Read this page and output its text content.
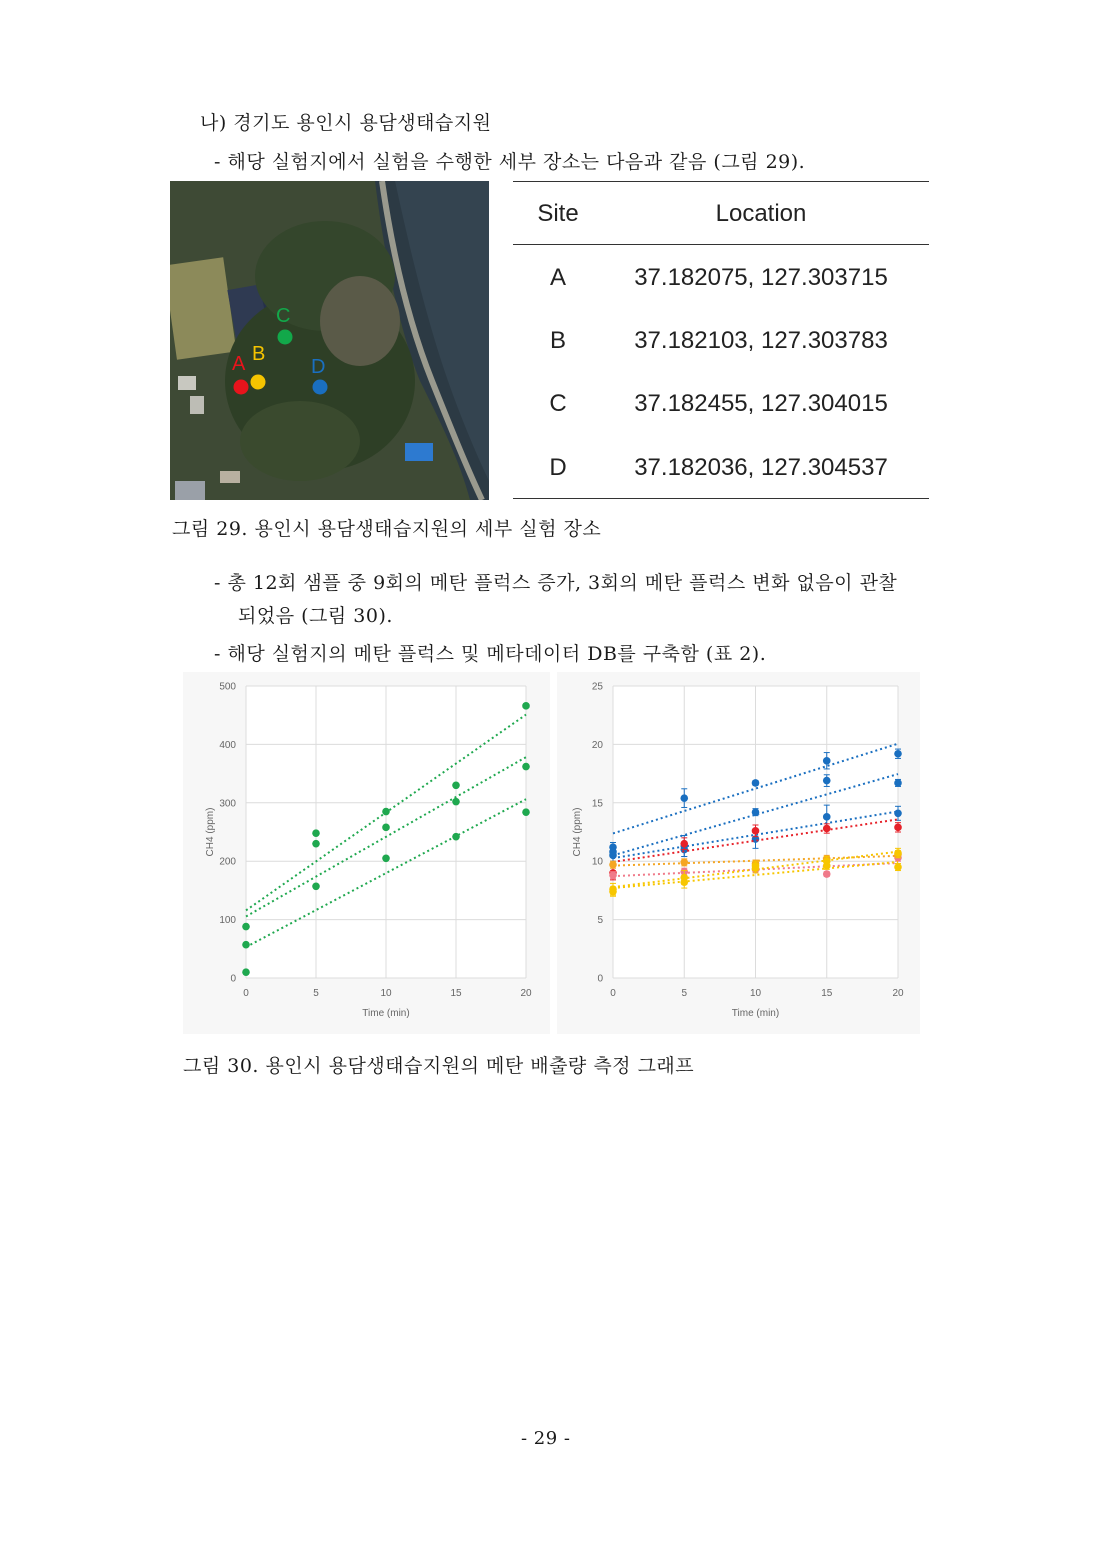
나) 경기도 용인시 용담생태습지원
- 해당 실험지에서 실험을 수행한 세부 장소는 다음과 같음 (그림 29).
A B
C
D
Site	Location
A	37.182075, 127.303715
B	37.182103, 127.303783
C	37.182455, 127.304015
D	37.182036, 127.304537
그림 29. 용인시 용담생태습지원의 세부 실험 장소
- 총 12회 샘플 중 9회의 메탄 플럭스 증가, 3회의 메탄 플럭스 변화 없음이 관찰
되었음 (그림 30).
- 해당 실험지의 메탄 플럭스 및 메타데이터 DB를 구축함 (표 2).
0
100
200
300
400
500
0	5	10	15	20
Time (min)
CH4 (ppm)
0
5
10
15
20
25
0	5	10	15	20
Time (min)
CH4 (ppm)
그림 30. 용인시 용담생태습지원의 메탄 배출량 측정 그래프
- 29 -
